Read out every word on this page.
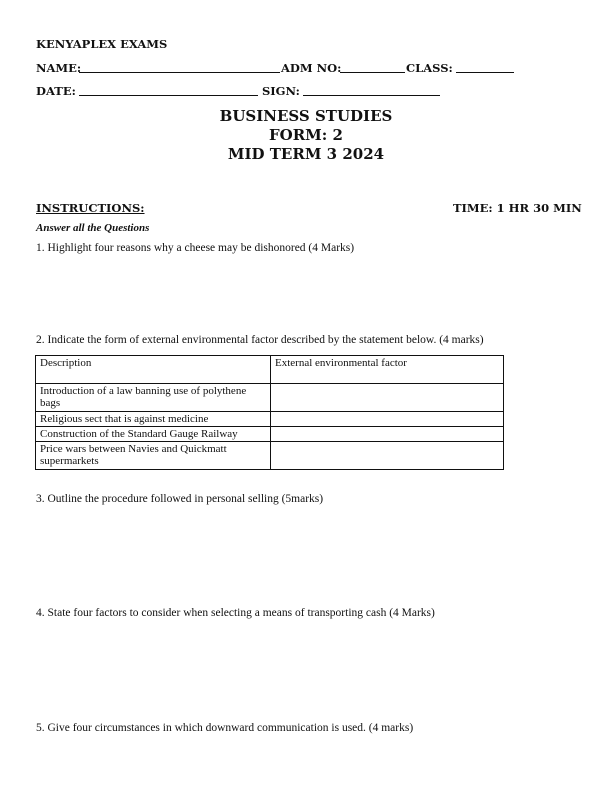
KENYAPLEX EXAMS
NAME:	ADM NO:	CLASS:
DATE:	SIGN:
BUSINESS STUDIES
FORM: 2
MID TERM 3 2024
INSTRUCTIONS:	TIME: 1 HR 30 MIN
Answer all the Questions
1. Highlight four reasons why a cheese may be dishonored (4 Marks)
2. Indicate the form of external environmental factor described by the statement below. (4 marks)
Description	External environmental factor
Introduction of a law banning use of polythene bags	
Religious sect that is against medicine	
Construction of the Standard Gauge Railway	
Price wars between Navies and Quickmatt supermarkets	
3. Outline the procedure followed in personal selling (5marks)
4. State four factors to consider when selecting a means of transporting cash (4 Marks)
5. Give four circumstances in which downward communication is used. (4 marks)
